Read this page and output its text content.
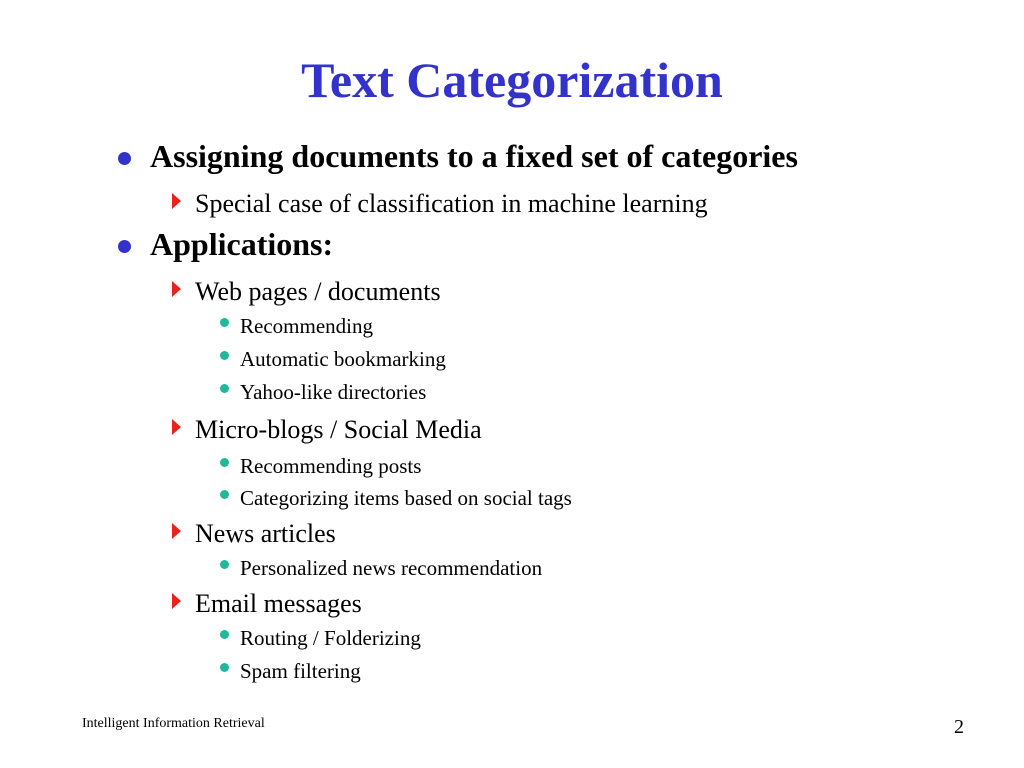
Text Categorization
Assigning documents to a fixed set of categories
Special case of classification in machine learning
Applications:
Web pages / documents
Recommending
Automatic bookmarking
Yahoo-like directories
Micro-blogs / Social Media
Recommending posts
Categorizing items based on social tags
News articles
Personalized news recommendation
Email messages
Routing / Folderizing
Spam filtering
Intelligent Information Retrieval	2
